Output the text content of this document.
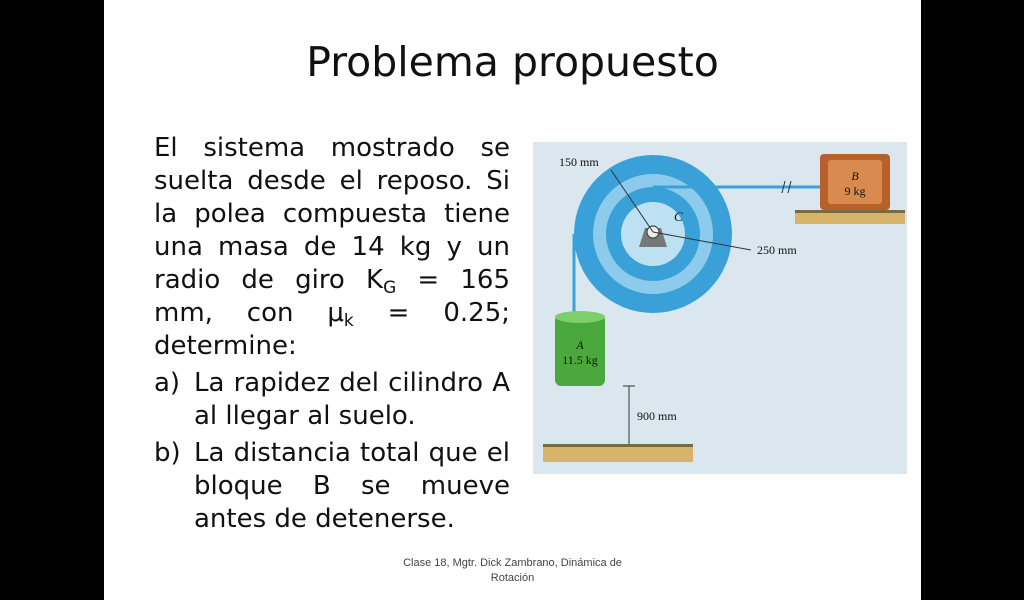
Problema propuesto
El sistema mostrado se suelta desde el reposo. Si la polea compuesta tiene una masa de 14 kg y un radio de giro $K_G = 165$ mm, con $\mu_k = 0.25$; determine:
a) La rapidez del cilindro A al llegar al suelo.
b) La distancia total que el bloque B se mueve antes de detenerse.
C
150 mm
250 mm
B
9 kg
A
11.5 kg
900 mm
Clase 18, Mgtr. Dick Zambrano, Dinámica de
Rotación
